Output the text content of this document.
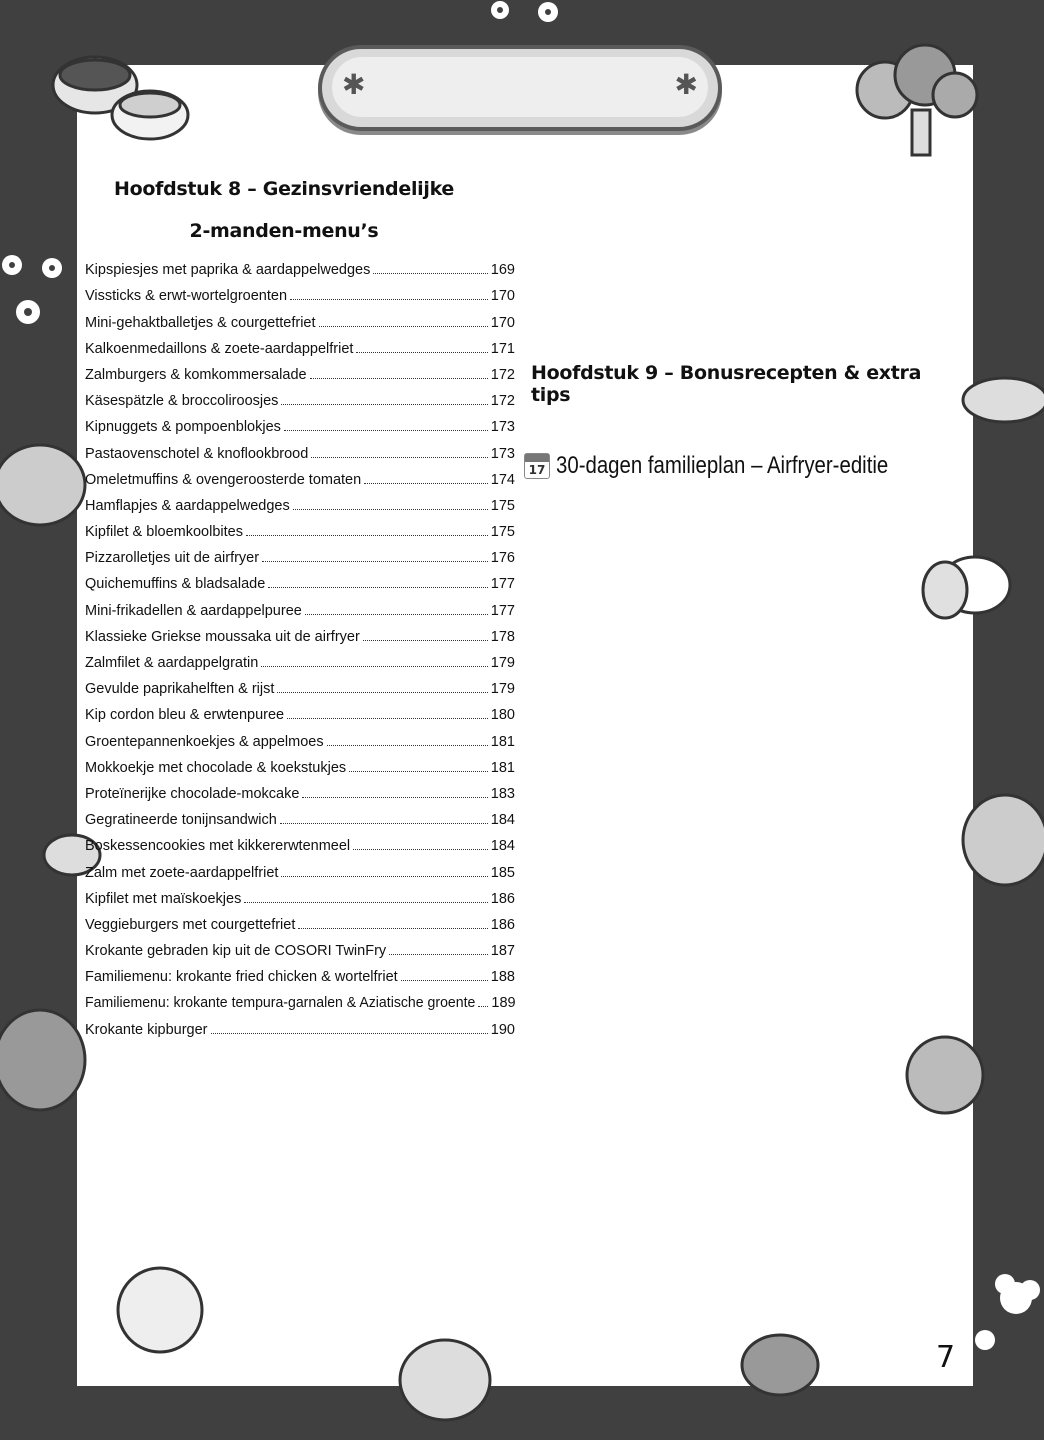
✱	✱
Hoofdstuk 8 – Gezinsvriendelijke 2-manden-menu’s
Kipspiesjes met paprika & aardappelwedges	169
Vissticks & erwt-wortelgroenten	170
Mini-gehaktballetjes & courgettefriet	170
Kalkoenmedaillons & zoete-aardappelfriet	171
Zalmburgers & komkommersalade	172
Käsespätzle & broccoliroosjes	172
Kipnuggets & pompoenblokjes	173
Pastaovenschotel & knoflookbrood	173
Omeletmuffins & ovengeroosterde tomaten	174
Hamflapjes & aardappelwedges	175
Kipfilet & bloemkoolbites	175
Pizzarolletjes uit de airfryer	176
Quichemuffins & bladsalade	177
Mini-frikadellen & aardappelpuree	177
Klassieke Griekse moussaka uit de airfryer	178
Zalmfilet & aardappelgratin	179
Gevulde paprikahelften & rijst	179
Kip cordon bleu & erwtenpuree	180
Groentepannenkoekjes & appelmoes	181
Mokkoekje met chocolade & koekstukjes	181
Proteïnerijke chocolade-mokcake	183
Gegratineerde tonijnsandwich	184
Boskessencookies met kikkererwtenmeel	184
Zalm met zoete-aardappelfriet	185
Kipfilet met maïskoekjes	186
Veggieburgers met courgettefriet	186
Krokante gebraden kip uit de COSORI TwinFry	187
Familiemenu: krokante fried chicken & wortelfriet	188
Familiemenu: krokante tempura-garnalen & Aziatische groente 189
Krokante kipburger	190
Hoofdstuk 9 – Bonusrecepten & extra tips
17 30-dagen familieplan – Airfryer-editie
7
